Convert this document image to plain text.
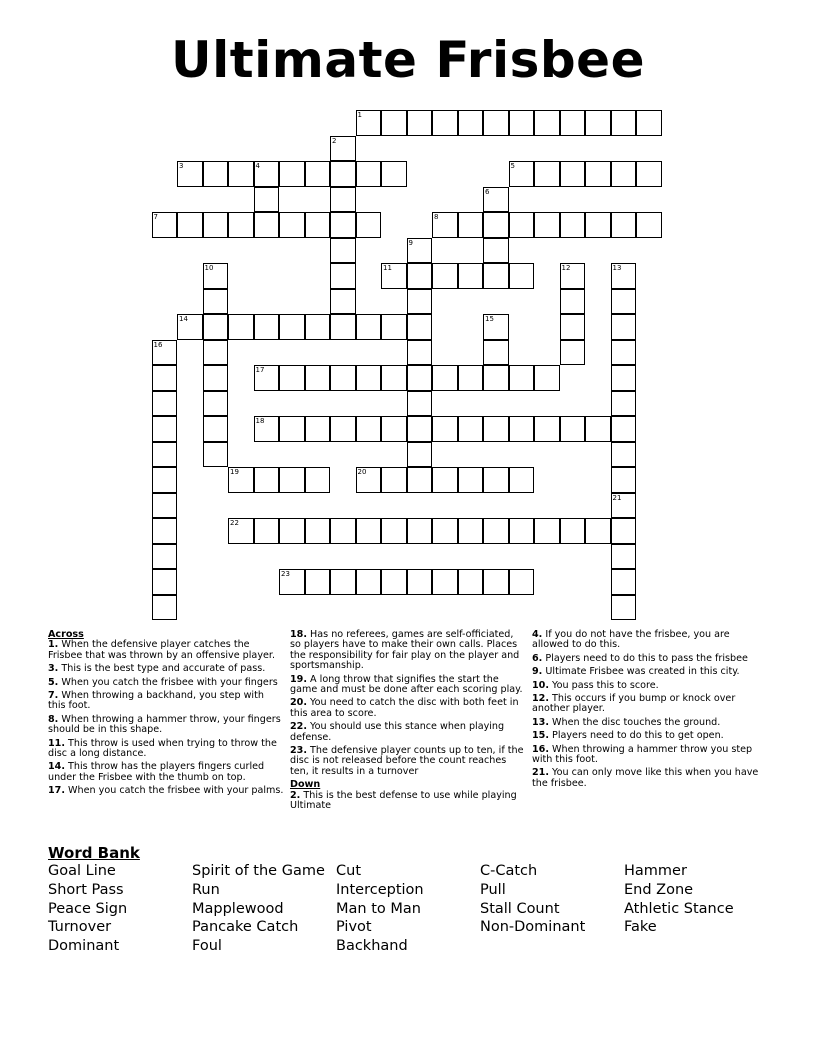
Ultimate Frisbee
1
2
3	4	5
6
7	8
9
10	11	12	13
14	15
16
17
18
19	20
21
22
23
Across
1. When the defensive player catches the Frisbee that was thrown by an offensive player.
3. This is the best type and accurate of pass.
5. When you catch the frisbee with your fingers
7. When throwing a backhand, you step with this foot.
8. When throwing a hammer throw, your fingers should be in this shape.
11. This throw is used when trying to throw the disc a long distance.
14. This throw has the players fingers curled under the Frisbee with the thumb on top.
17. When you catch the frisbee with your palms.
18. Has no referees, games are self-officiated, so players have to make their own calls. Places the responsibility for fair play on the player and sportsmanship.
19. A long throw that signifies the start the game and must be done after each scoring play.
20. You need to catch the disc with both feet in this area to score.
22. You should use this stance when playing defense.
23. The defensive player counts up to ten, if the disc is not released before the count reaches ten, it results in a turnover
Down
2. This is the best defense to use while playing Ultimate
4. If you do not have the frisbee, you are allowed to do this.
6. Players need to do this to pass the frisbee
9. Ultimate Frisbee was created in this city.
10. You pass this to score.
12. This occurs if you bump or knock over another player.
13. When the disc touches the ground.
15. Players need to do this to get open.
16. When throwing a hammer throw you step with this foot.
21. You can only move like this when you have the frisbee.
Word Bank
Goal Line
Short Pass
Peace Sign
Turnover
Dominant
Spirit of the Game
Run
Mapplewood
Pancake Catch
Foul
Cut
Interception
Man to Man
Pivot
Backhand
C-Catch
Pull
Stall Count
Non-Dominant
Hammer
End Zone
Athletic Stance
Fake
